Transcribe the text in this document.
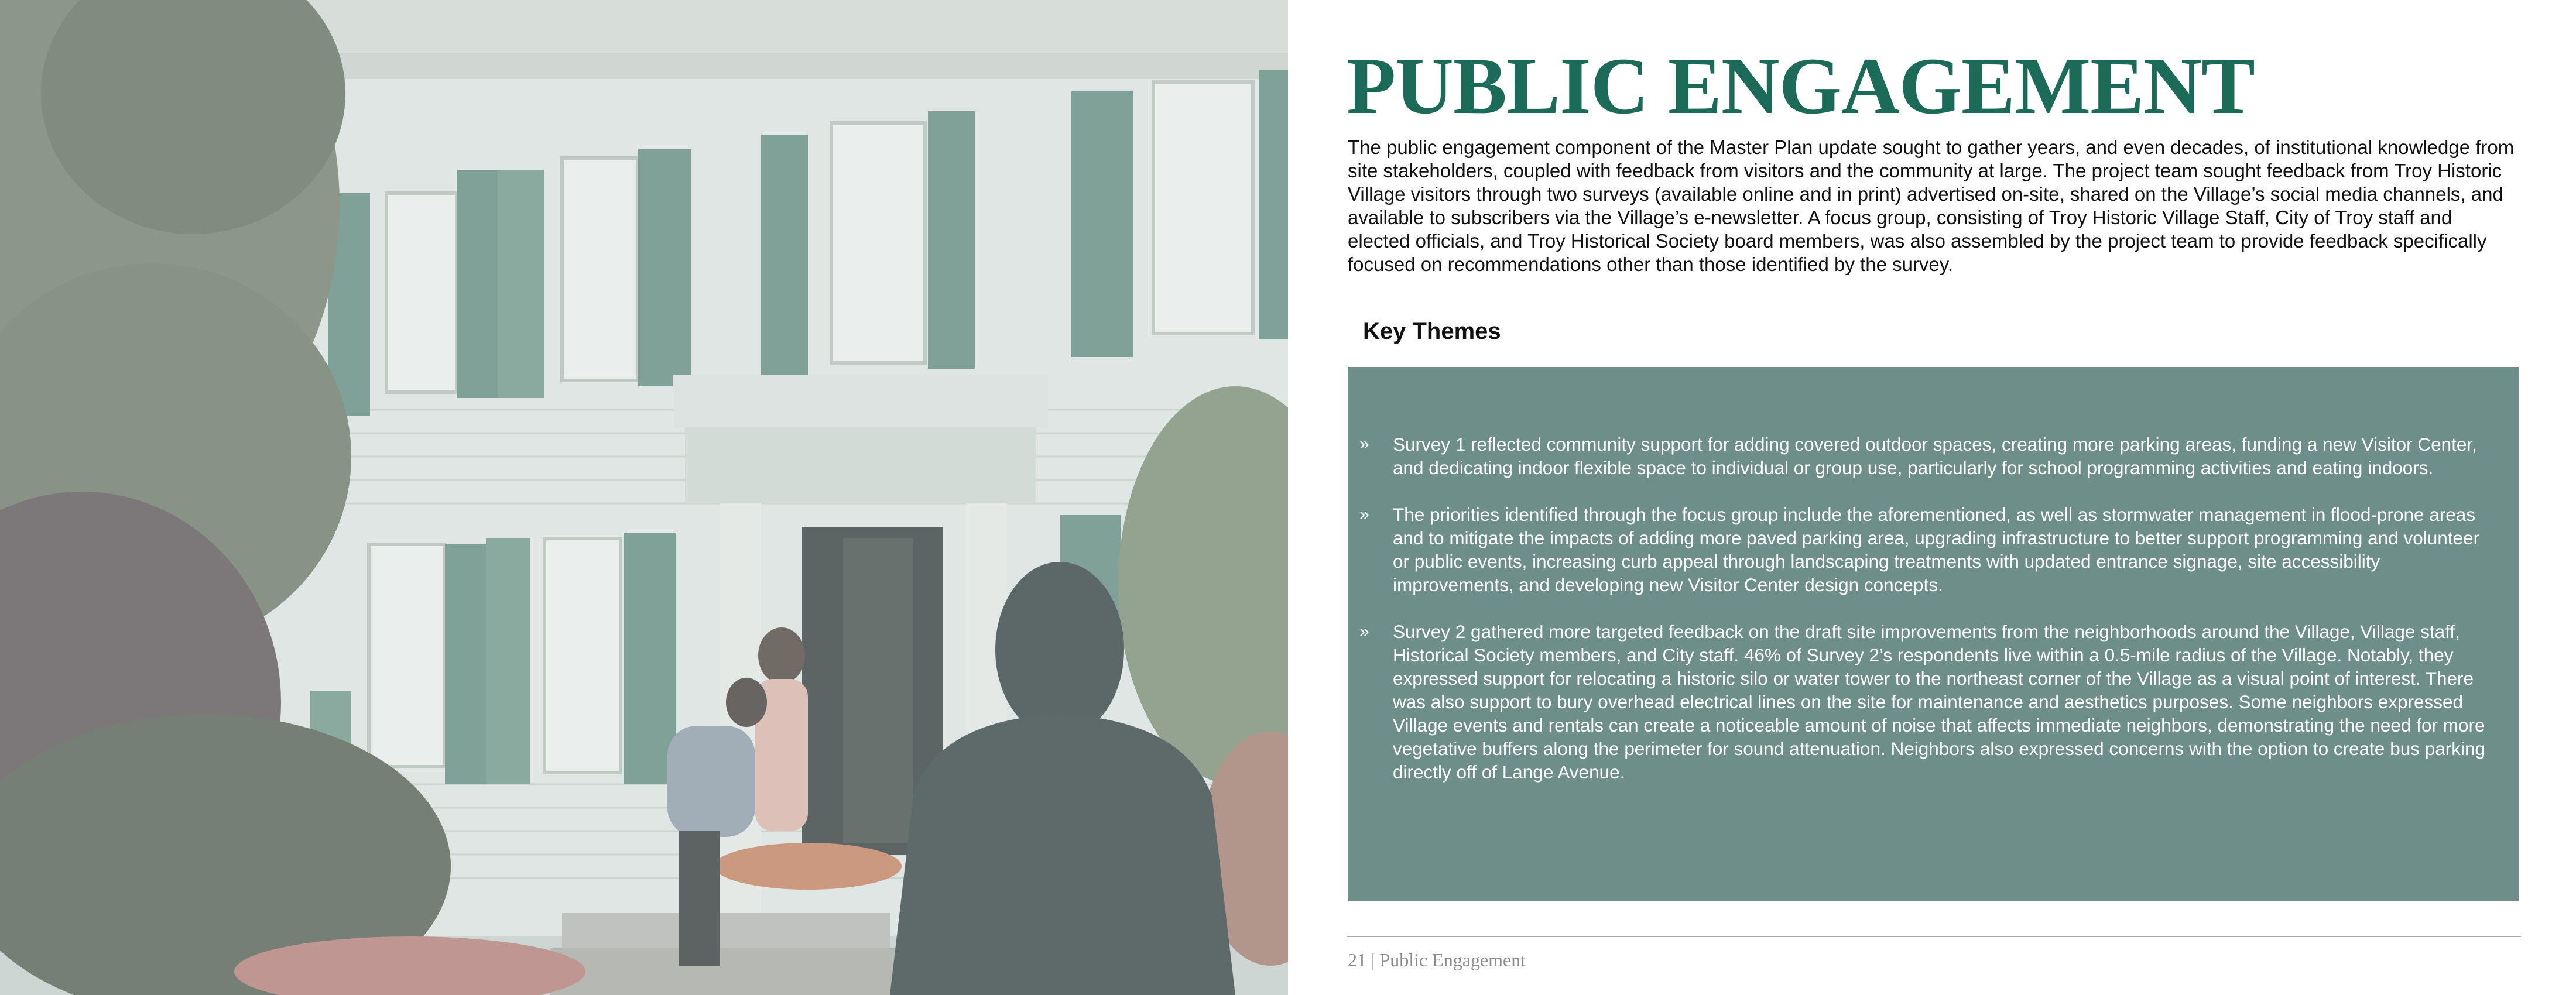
PUBLIC ENGAGEMENT

The public engagement component of the Master Plan update sought to gather years, and even decades, of institutional knowledge from site stakeholders, coupled with feedback from visitors and the community at large. The project team sought feedback from Troy Historic Village visitors through two surveys (available online and in print) advertised on-site, shared on the Village’s social media channels, and available to subscribers via the Village’s e-newsletter. A focus group, consisting of Troy Historic Village Staff, City of Troy staff and elected officials, and Troy Historical Society board members, was also assembled by the project team to provide feedback specifically focused on recommendations other than those identified by the survey.

Key Themes
» Survey 1 reflected community support for adding covered outdoor spaces, creating more parking areas, funding a new Visitor Center, and dedicating indoor flexible space to individual or group use, particularly for school programming activities and eating indoors.
» The priorities identified through the focus group include the aforementioned, as well as stormwater management in flood-prone areas and to mitigate the impacts of adding more paved parking area, upgrading infrastructure to better support programming and volunteer or public events, increasing curb appeal through landscaping treatments with updated entrance signage, site accessibility improvements, and developing new Visitor Center design concepts.
» Survey 2 gathered more targeted feedback on the draft site improvements from the neighborhoods around the Village, Village staff, Historical Society members, and City staff. 46% of Survey 2’s respondents live within a 0.5-mile radius of the Village. Notably, they expressed support for relocating a historic silo or water tower to the northeast corner of the Village as a visual point of interest. There was also support to bury overhead electrical lines on the site for maintenance and aesthetics purposes. Some neighbors expressed Village events and rentals can create a noticeable amount of noise that affects immediate neighbors, demonstrating the need for more vegetative buffers along the perimeter for sound attenuation. Neighbors also expressed concerns with the option to create bus parking directly off of Lange Avenue.
21 | Public Engagement
